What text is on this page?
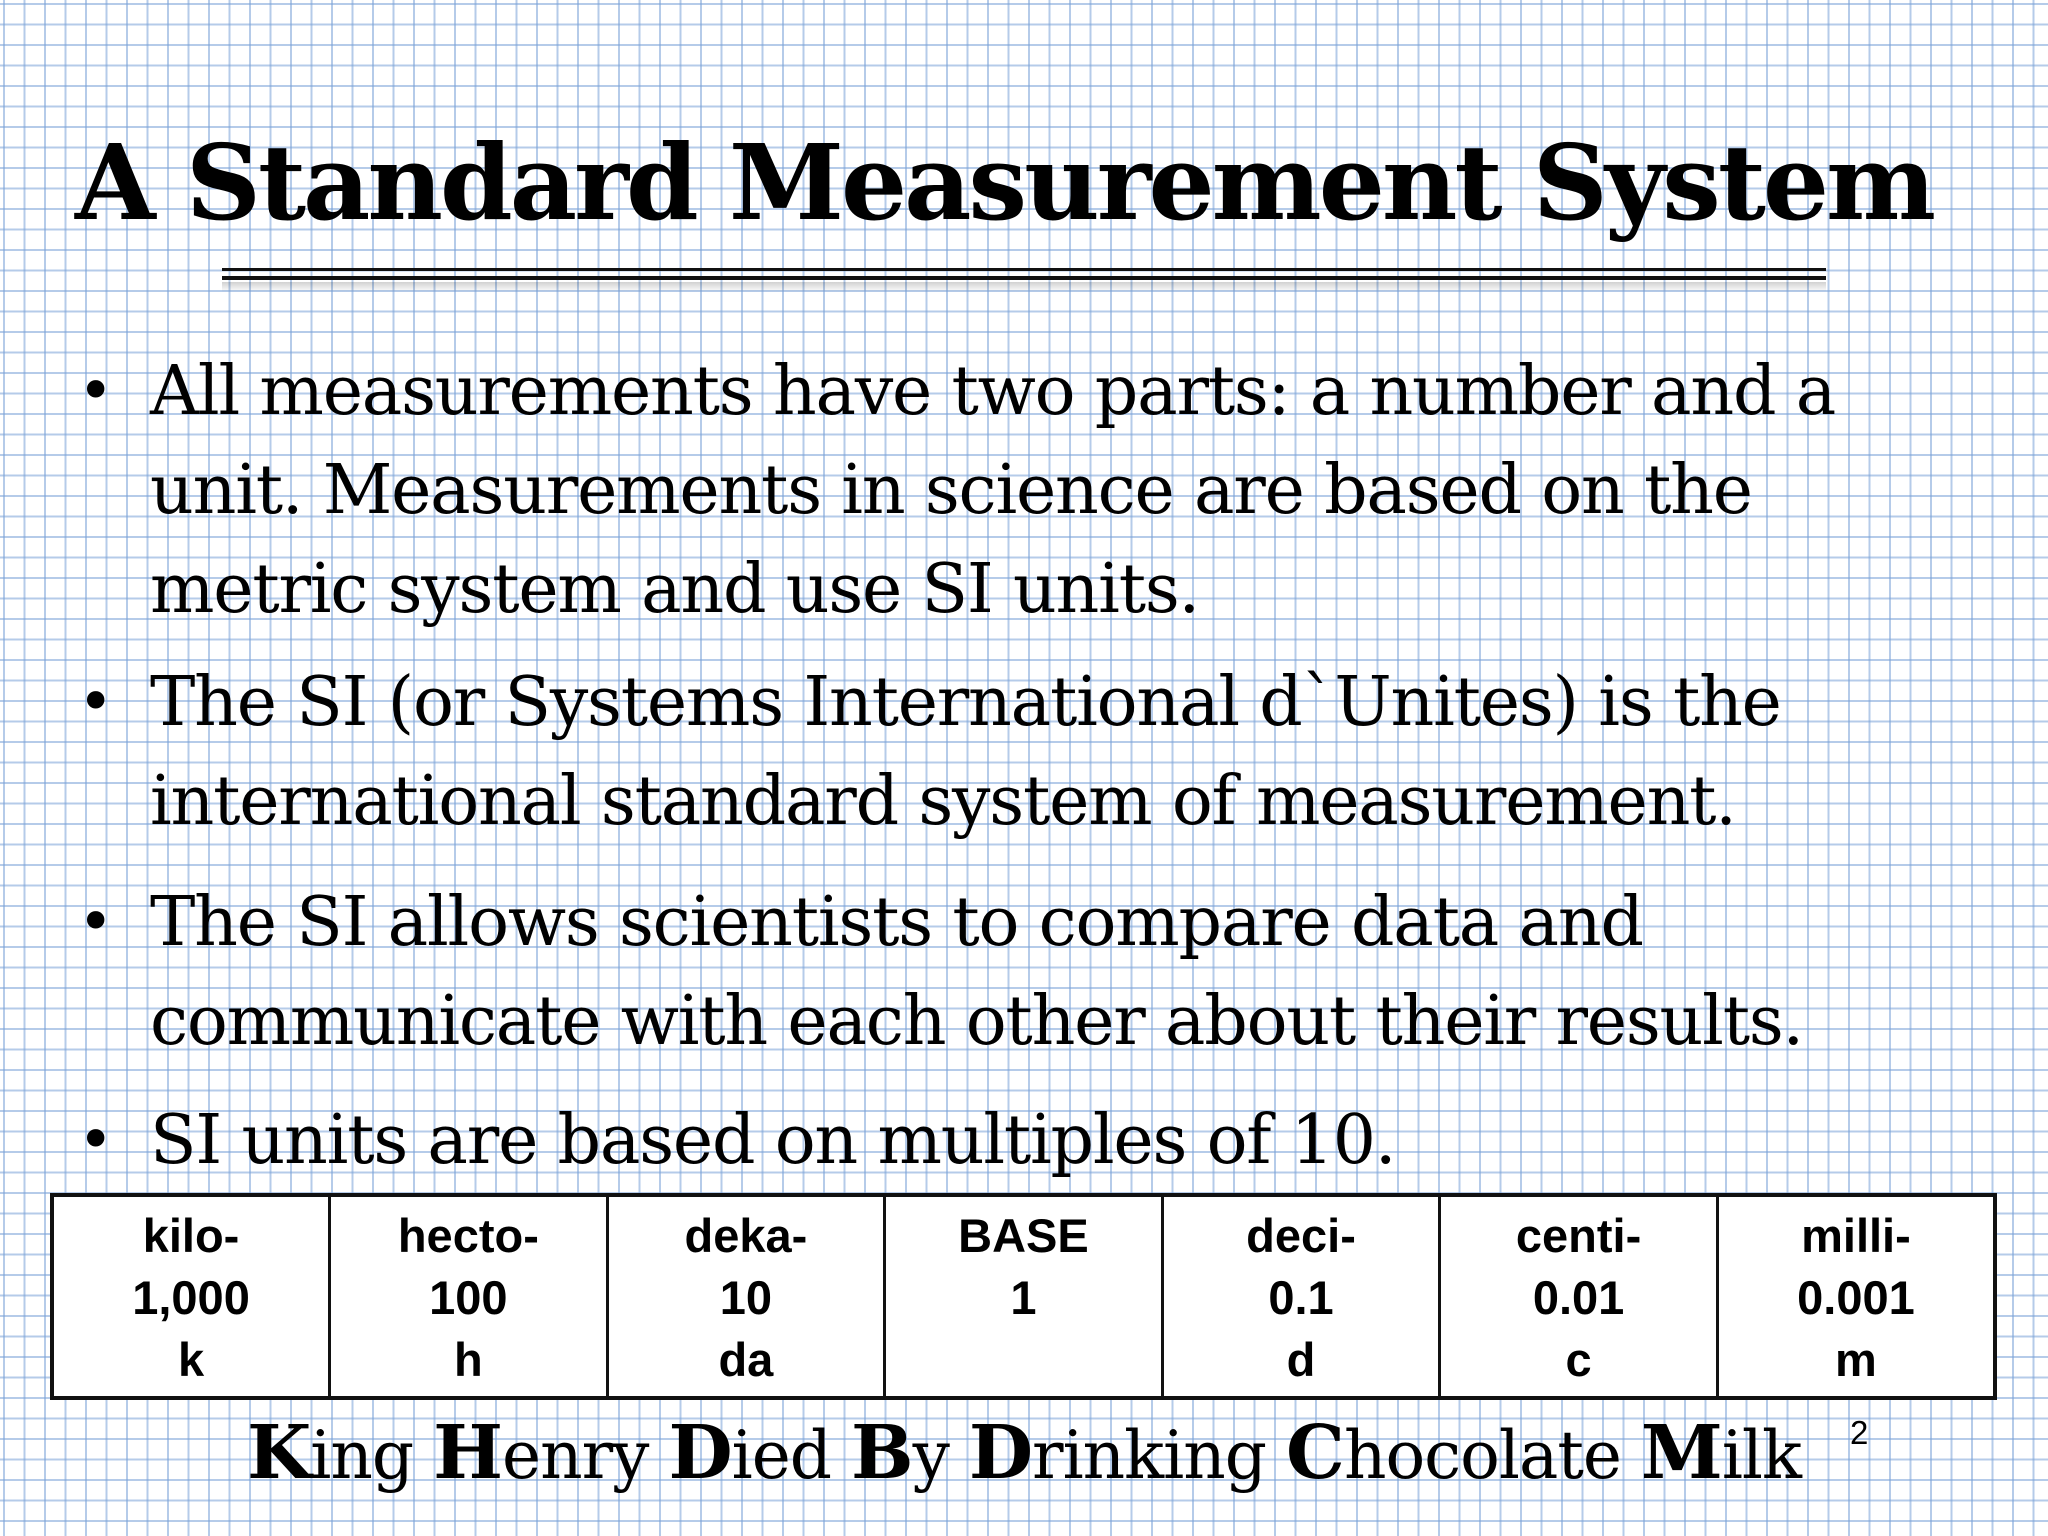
A Standard Measurement System
• All measurements have two parts: a number and a
unit. Measurements in science are based on the
metric system and use SI units.
• The SI (or Systems International d`Unites) is the
international standard system of measurement.
• The SI allows scientists to compare data and
communicate with each other about their results.
• SI units are based on multiples of 10.
kilo-
1,000
k

hecto-
100
h

deka-
10
da

BASE
1

deci-
0.1
d

centi-
0.01
c

milli-
0.001
m
King Henry Died By Drinking Chocolate Milk	2
